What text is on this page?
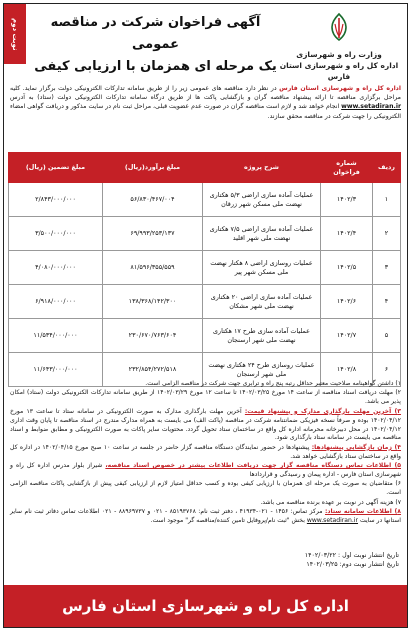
نوبت دوم	آگهی فراخوان شرکت در مناقصه عمومی
یک مرحله ای همزمان با ارزیابی کیفی
وزارت راه و شهرسازی
اداره کل راه و شهرسازی استان فارس
اداره کل راه و شهرسازی استان فارس در نظر دارد مناقصه های عمومی زیر را از طریق سامانه تدارکات الکترونیکی دولت برگزار نماید. کلیه مراحل برگزاری مناقصه تا ارائه پیشنهاد مناقصه گران و بازگشایی پاکت ها از طریق درگاه سامانه تدارکات الکترونیکی دولت (ستاد) به آدرس www.setadiran.ir انجام خواهد شد و لازم است مناقصه گران در صورت عدم عضویت قبلی، مراحل ثبت نام در سایت مذکور و دریافت گواهی امضاء الکترونیکی را جهت شرکت در مناقصه محقق سازند.
ردیف	شماره فراخوان	شرح پروژه	مبلغ برآورد(ریال)	مبلغ تضمین (ریال)
۱	۱۴۰۲/۳	عملیات آماده سازی اراضی ۵/۳ هکتاری نهضت ملی مسکن شهر زرقان	۵۶/۸۳۰/۴۶۷/۰۰۴	۲/۸۴۳/۰۰۰/۰۰۰
۲	۱۴۰۲/۴	عملیات آماده سازی اراضی ۷/۵ هکتاری نهضت ملی شهر اقلید	۶۹/۹۹۳/۲۵۳/۱۳۷	۳/۵۰۰/۰۰۰/۰۰۰
۳	۱۴۰۲/۵	عملیات روسازی اراضی ۸ هکتار نهضت ملی مسکن شهر پیر	۸۱/۵۹۶/۳۵۵/۵۵۹	۴/۰۸۰/۰۰۰/۰۰۰
۴	۱۴۰۲/۶	عملیات آماده سازی اراضی ۲۰ هکتاری نهضت ملی شهر مشکان	۱۳۸/۳۶۸/۱۴۲/۳۰۰	۶/۹۱۸/۰۰۰/۰۰۰
۵	۱۴۰۲/۷	عملیات آماده سازی طرح ۱۷ هکتاری نهضت ملی شهر ارسنجان	۲۳۰/۶۷۰/۷۶۳/۶۰۴	۱۱/۵۳۴/۰۰۰/۰۰۰
۶	۱۴۰۲/۸	عملیات روسازی طرح ۲۴ هکتاری نهضت ملی شهر ارسنجان	۲۳۲/۸۵۴/۲۷۲/۵۱۸	۱۱/۶۴۳/۰۰۰/۰۰۰

۱) داشتن گواهینامه صلاحیت معتبر حداقل رتبه پنج راه و ترابری جهت شرکت در مناقصه الزامی است.

۲) مهلت دریافت اسناد مناقصه از ساعت ۱۴ مورخ ۱۴۰۲/۰۳/۲۵ تا ساعت ۱۲ مورخ ۱۴۰۲/۰۳/۲۹ از طریق سامانه تدارکات الکترونیکی دولت (ستاد) امکان پذیر می باشد.

۳) آخرین مهلت بارگذاری مدارک و پیشنهاد قیمت: آخرین مهلت بارگذاری مدارک به صورت الکترونیکی در سامانه ستاد تا ساعت ۱۳ مورخ ۱۴۰۲/۰۴/۱۲ بوده و صرفاً نسخه فیزیکی ضمانتنامه شرکت در مناقصه (پاکت الف) می بایست به همراه مدارک مندرج در اسناد مناقصه تا پایان وقت اداری ۱۴۰۲/۰۴/۱۲ در محل دبیرخانه محرمانه اداره کل واقع در ساختمان ستاد تحویل گردد. محتویات سایر پاکات به صورت الکترونیکی و مطابق ضوابط و اسناد مناقصه می بایست در سامانه ستاد بارگذاری شود.

۴) زمان بازگشایی پیشنهادها: پیشنهادها در حضور نمایندگان دستگاه مناقصه گزار حاضر در جلسه در ساعت ۱۰ صبح مورخ ۱۴۰۲/۰۴/۱۵ در اداره کل واقع در ساختمان ستاد بازگشایی خواهد شد.

۵) اطلاعات تماس دستگاه مناقصه گزار جهت دریافت اطلاعات بیشتر در خصوص اسناد مناقصه، شیراز بلوار مدرس اداره کل راه و شهرسازی استان فارس - اداره پیمان و رسیدگی و قراردادها

۶) متقاضیان به صورت یک مرحله ای همزمان با ارزیابی کیفی بوده و کسب حداقل امتیاز لازم از ارزیابی کیفی پیش از بازگشایی پاکات مناقصه الزامی است.

۷) هزینه آگهی در نوبت بر عهده برنده مناقصه می باشد.

۸) اطلاعات سامانه ستاد: مرکز تماس: ۱۴۵۶ - ۰۲۱-۴۱۹۳۴ ، دفتر ثبت نام: ۸۵۱۹۳۷۶۸ - ۰۲۱ و ۸۸۹۶۹۷۳۷ - ۰۲۱ اطلاعات تماس دفاتر ثبت نام سایر استانها در سایت www.setadiran.ir بخش "ثبت نام/پروفایل تامین کننده/مناقصه گر" موجود است.

تاریخ انتشار نوبت اول : ۱۴۰۲/۰۳/۲۲
تاریخ انتشار نوبت دوم: ۱۴۰۲/۰۳/۲۵
اداره کل راه و شهرسازی استان فارس
